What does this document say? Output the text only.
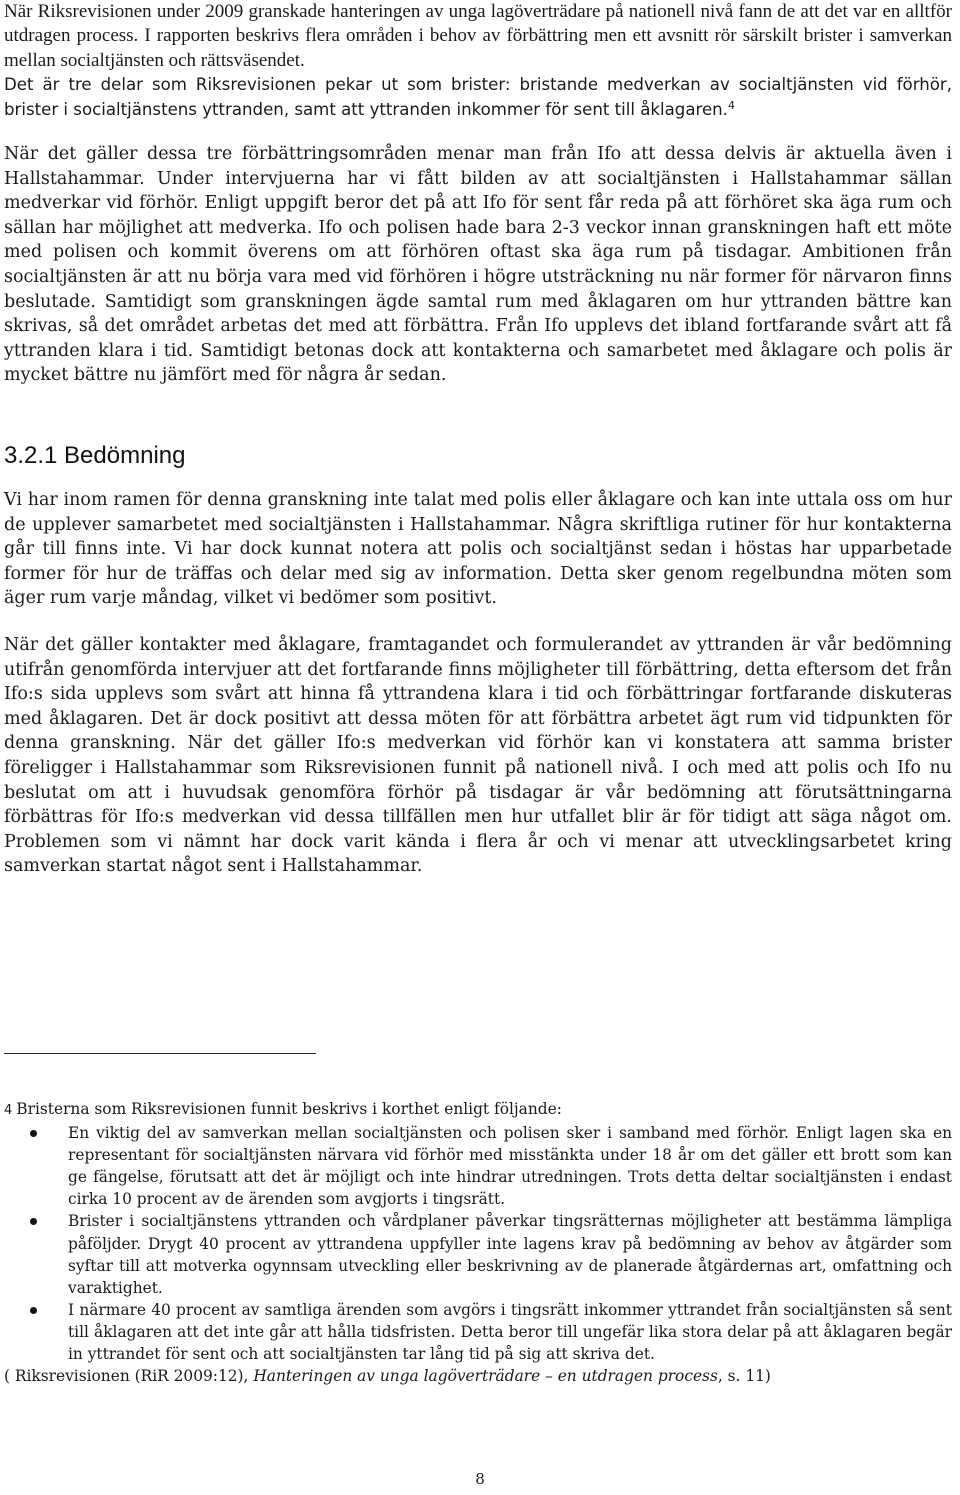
När Riksrevisionen under 2009 granskade hanteringen av unga lagöverträdare på nationell nivå fann de att det var en alltför utdragen process. I rapporten beskrivs flera områden i behov av förbättring men ett avsnitt rör särskilt brister i samverkan mellan socialtjänsten och rättsväsendet.

Det är tre delar som Riksrevisionen pekar ut som brister: bristande medverkan av socialtjänsten vid förhör, brister i socialtjänstens yttranden, samt att yttranden inkommer för sent till åklagaren.$^4$

När det gäller dessa tre förbättringsområden menar man från Ifo att dessa delvis är aktuella även i Hallstahammar. Under intervjuerna har vi fått bilden av att socialtjänsten i Hallstahammar sällan medverkar vid förhör. Enligt uppgift beror det på att Ifo för sent får reda på att förhöret ska äga rum och sällan har möjlighet att medverka. Ifo och polisen hade bara 2-3 veckor innan granskningen haft ett möte med polisen och kommit överens om att förhören oftast ska äga rum på tisdagar. Ambitionen från socialtjänsten är att nu börja vara med vid förhören i högre utsträckning nu när former för närvaron finns beslutade. Samtidigt som granskningen ägde samtal rum med åklagaren om hur yttranden bättre kan skrivas, så det området arbetas det med att förbättra. Från Ifo upplevs det ibland fortfarande svårt att få yttranden klara i tid. Samtidigt betonas dock att kontakterna och samarbetet med åklagare och polis är mycket bättre nu jämfört med för några år sedan.

3.2.1 Bedömning

Vi har inom ramen för denna granskning inte talat med polis eller åklagare och kan inte uttala oss om hur de upplever samarbetet med socialtjänsten i Hallstahammar. Några skriftliga rutiner för hur kontakterna går till finns inte. Vi har dock kunnat notera att polis och socialtjänst sedan i höstas har upparbetade former för hur de träffas och delar med sig av information. Detta sker genom regelbundna möten som äger rum varje måndag, vilket vi bedömer som positivt.

När det gäller kontakter med åklagare, framtagandet och formulerandet av yttranden är vår bedömning utifrån genomförda intervjuer att det fortfarande finns möjligheter till förbättring, detta eftersom det från Ifo:s sida upplevs som svårt att hinna få yttrandena klara i tid och förbättringar fortfarande diskuteras med åklagaren. Det är dock positivt att dessa möten för att förbättra arbetet ägt rum vid tidpunkten för denna granskning. När det gäller Ifo:s medverkan vid förhör kan vi konstatera att samma brister föreligger i Hallstahammar som Riksrevisionen funnit på nationell nivå. I och med att polis och Ifo nu beslutat om att i huvudsak genomföra förhör på tisdagar är vår bedömning att förutsättningarna förbättras för Ifo:s medverkan vid dessa tillfällen men hur utfallet blir är för tidigt att säga något om. Problemen som vi nämnt har dock varit kända i flera år och vi menar att utvecklingsarbetet kring samverkan startat något sent i Hallstahammar.

4 Bristerna som Riksrevisionen funnit beskrivs i korthet enligt följande:

En viktig del av samverkan mellan socialtjänsten och polisen sker i samband med förhör. Enligt lagen ska en representant för socialtjänsten närvara vid förhör med misstänkta under 18 år om det gäller ett brott som kan ge fängelse, förutsatt att det är möjligt och inte hindrar utredningen. Trots detta deltar socialtjänsten i endast cirka 10 procent av de ärenden som avgjorts i tingsrätt.
Brister i socialtjänstens yttranden och vårdplaner påverkar tingsrätternas möjligheter att bestämma lämpliga påföljder. Drygt 40 procent av yttrandena uppfyller inte lagens krav på bedömning av behov av åtgärder som syftar till att motverka ogynnsam utveckling eller beskrivning av de planerade åtgärdernas art, omfattning och varaktighet.
I närmare 40 procent av samtliga ärenden som avgörs i tingsrätt inkommer yttrandet från socialtjänsten så sent till åklagaren att det inte går att hålla tidsfristen. Detta beror till ungefär lika stora delar på att åklagaren begär in yttrandet för sent och att socialtjänsten tar lång tid på sig att skriva det.

( Riksrevisionen (RiR 2009:12), Hanteringen av unga lagöverträdare – en utdragen process, s. 11)

8
